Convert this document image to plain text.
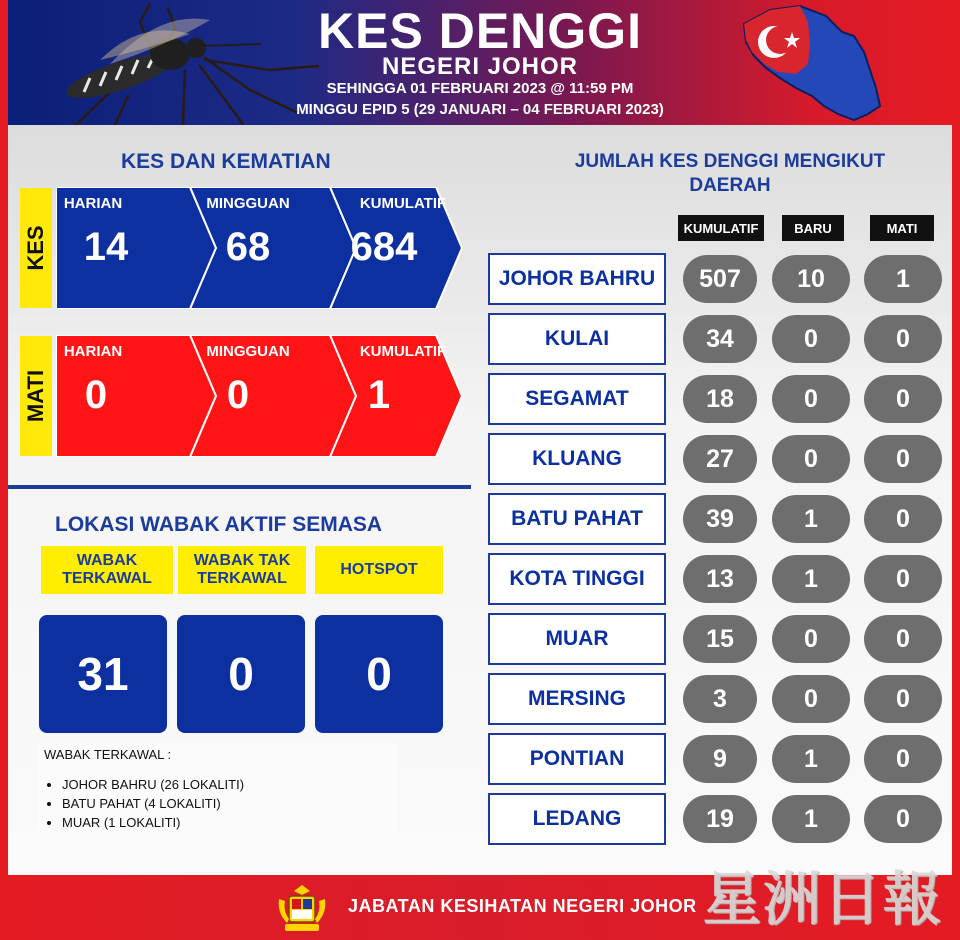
KES DENGGI
NEGERI JOHOR
SEHINGGA 01 FEBRUARI 2023 @ 11:59 PM
MINGGU EPID 5 (29 JANUARI – 04 FEBRUARI 2023)
KES DAN KEMATIAN
KES
HARIAN
14
MINGGUAN
68
KUMULATIF
684
MATI
HARIAN
0
MINGGUAN
0
KUMULATIF
1
LOKASI WABAK AKTIF SEMASA
WABAK TERKAWAL
WABAK TAK TERKAWAL
HOTSPOT
31	0	0
WABAK TERKAWAL :
• JOHOR BAHRU (26 LOKALITI)
• BATU PAHAT (4 LOKALITI)
• MUAR (1 LOKALITI)
JUMLAH KES DENGGI MENGIKUT DAERAH
KUMULATIF	BARU	MATI
JOHOR BAHRU	507	10	1
KULAI	34	0	0
SEGAMAT	18	0	0
KLUANG	27	0	0
BATU PAHAT	39	1	0
KOTA TINGGI	13	1	0
MUAR	15	0	0
MERSING	3	0	0
PONTIAN	9	1	0
LEDANG	19	1	0
JABATAN KESIHATAN NEGERI JOHOR 星洲日報
